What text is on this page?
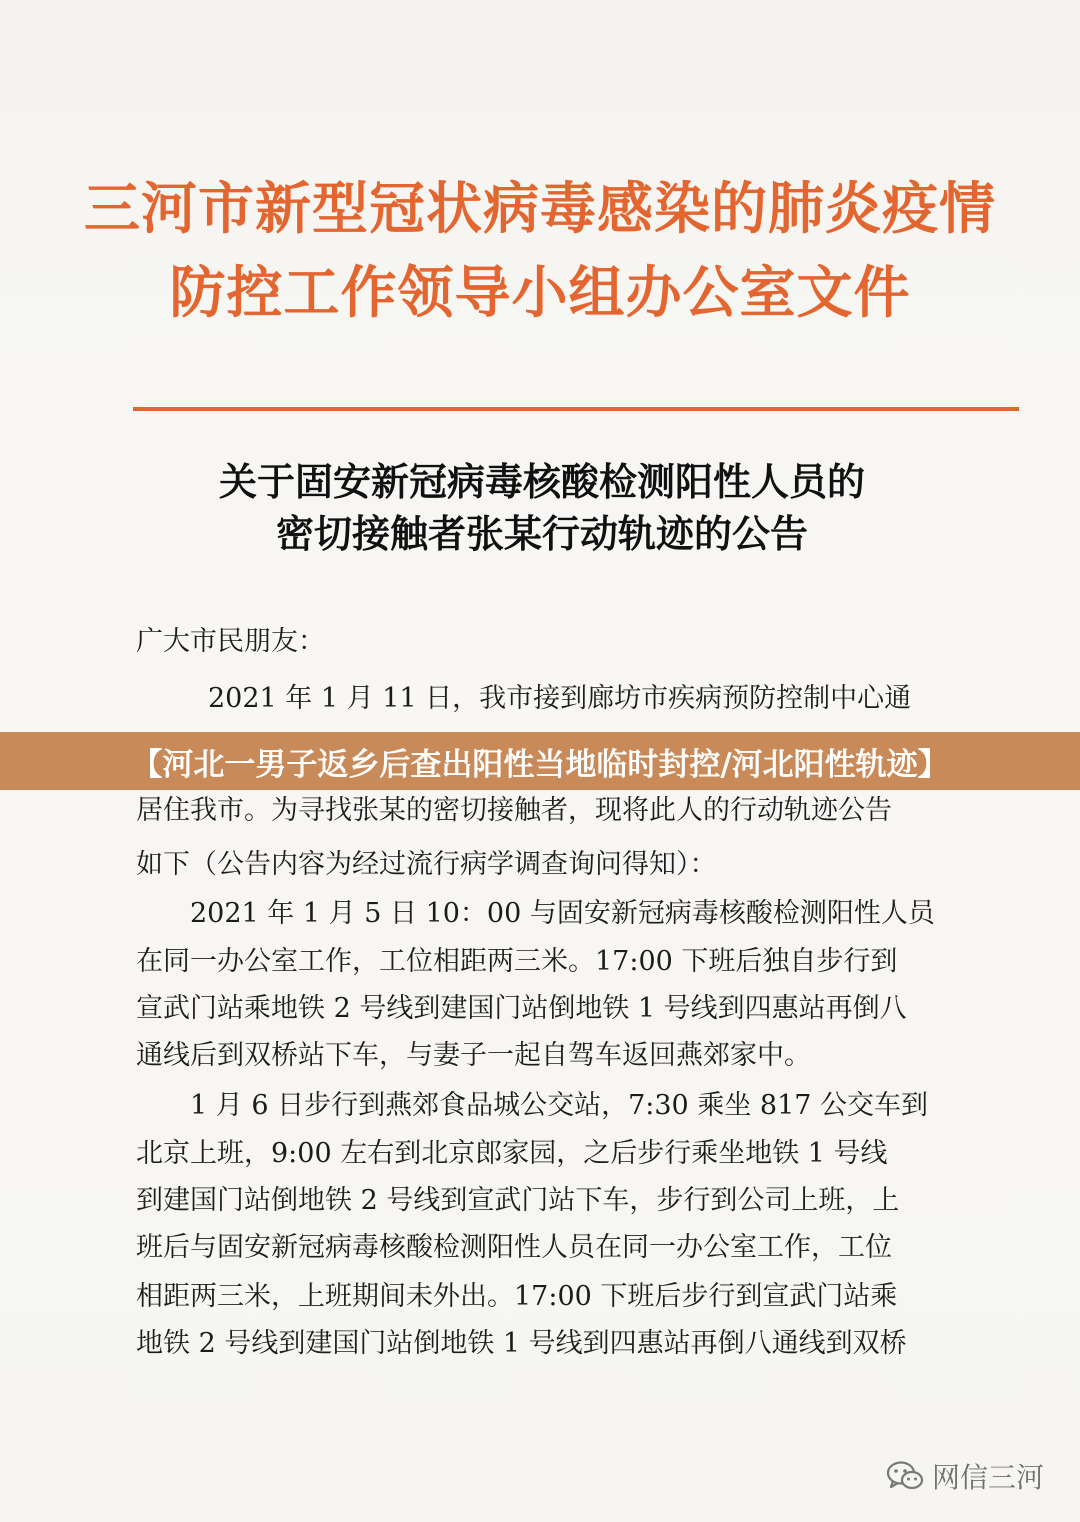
三河市新型冠状病毒感染的肺炎疫情
防控工作领导小组办公室文件
关于固安新冠病毒核酸检测阳性人员的
密切接触者张某行动轨迹的公告
广大市民朋友：
2021 年 1 月 11 日，我市接到廊坊市疾病预防控制中心通
居住我市。为寻找张某的密切接触者，现将此人的行动轨迹公告
如下（公告内容为经过流行病学调查询问得知）：
2021 年 1 月 5 日 10：00 与固安新冠病毒核酸检测阳性人员
在同一办公室工作，工位相距两三米。17:00 下班后独自步行到
宣武门站乘地铁 2 号线到建国门站倒地铁 1 号线到四惠站再倒八
通线后到双桥站下车，与妻子一起自驾车返回燕郊家中。
1 月 6 日步行到燕郊食品城公交站，7:30 乘坐 817 公交车到
北京上班，9:00 左右到北京郎家园，之后步行乘坐地铁 1 号线
到建国门站倒地铁 2 号线到宣武门站下车，步行到公司上班，上
班后与固安新冠病毒核酸检测阳性人员在同一办公室工作，工位
相距两三米，上班期间未外出。17:00 下班后步行到宣武门站乘
地铁 2 号线到建国门站倒地铁 1 号线到四惠站再倒八通线到双桥
【河北一男子返乡后查出阳性当地临时封控/河北阳性轨迹】
网信三河
